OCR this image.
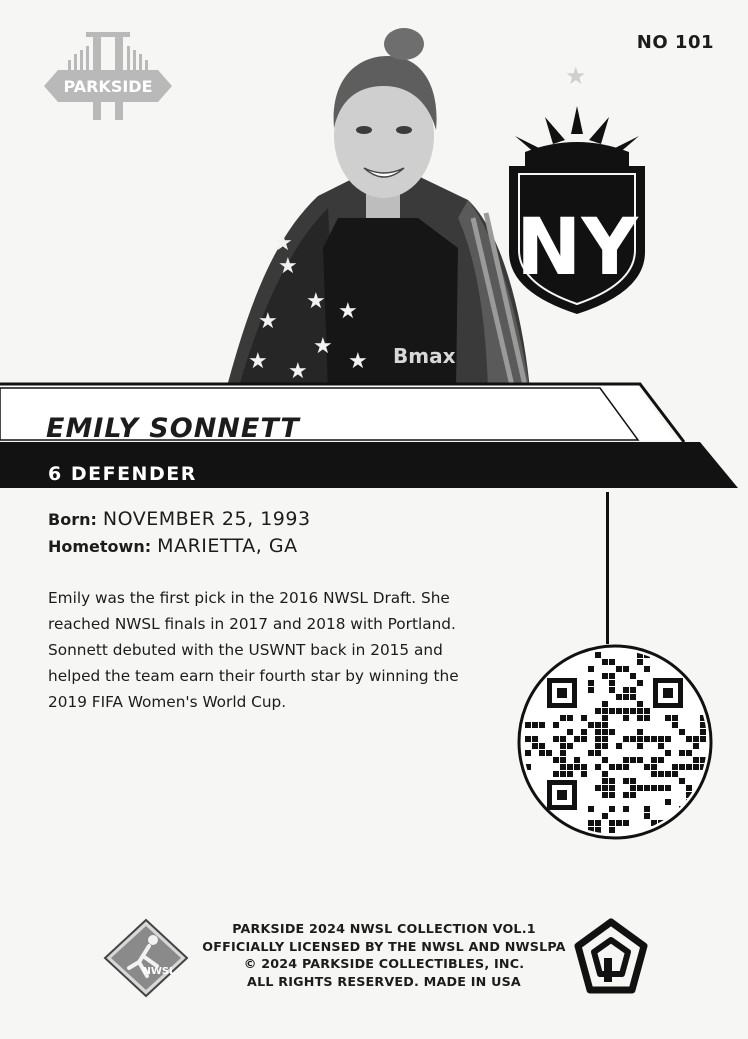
PARKSIDE
NO 101
Bmax
★
★
★
★
★ ★
★
★
★
★
NY
EMILY SONNETT
6 DEFENDER
Born: NOVEMBER 25, 1993
Hometown: MARIETTA, GA

Emily was the first pick in the 2016 NWSL Draft. She

reached NWSL finals in 2017 and 2018 with Portland.

Sonnett debuted with the USWNT back in 2015 and

helped the team earn their fourth star by winning the

2019 FIFA Women's World Cup.

NWSL
PARKSIDE 2024 NWSL COLLECTION VOL.1
OFFICIALLY LICENSED BY THE NWSL AND NWSLPA
© 2024 PARKSIDE COLLECTIBLES, INC.
ALL RIGHTS RESERVED. MADE IN USA
